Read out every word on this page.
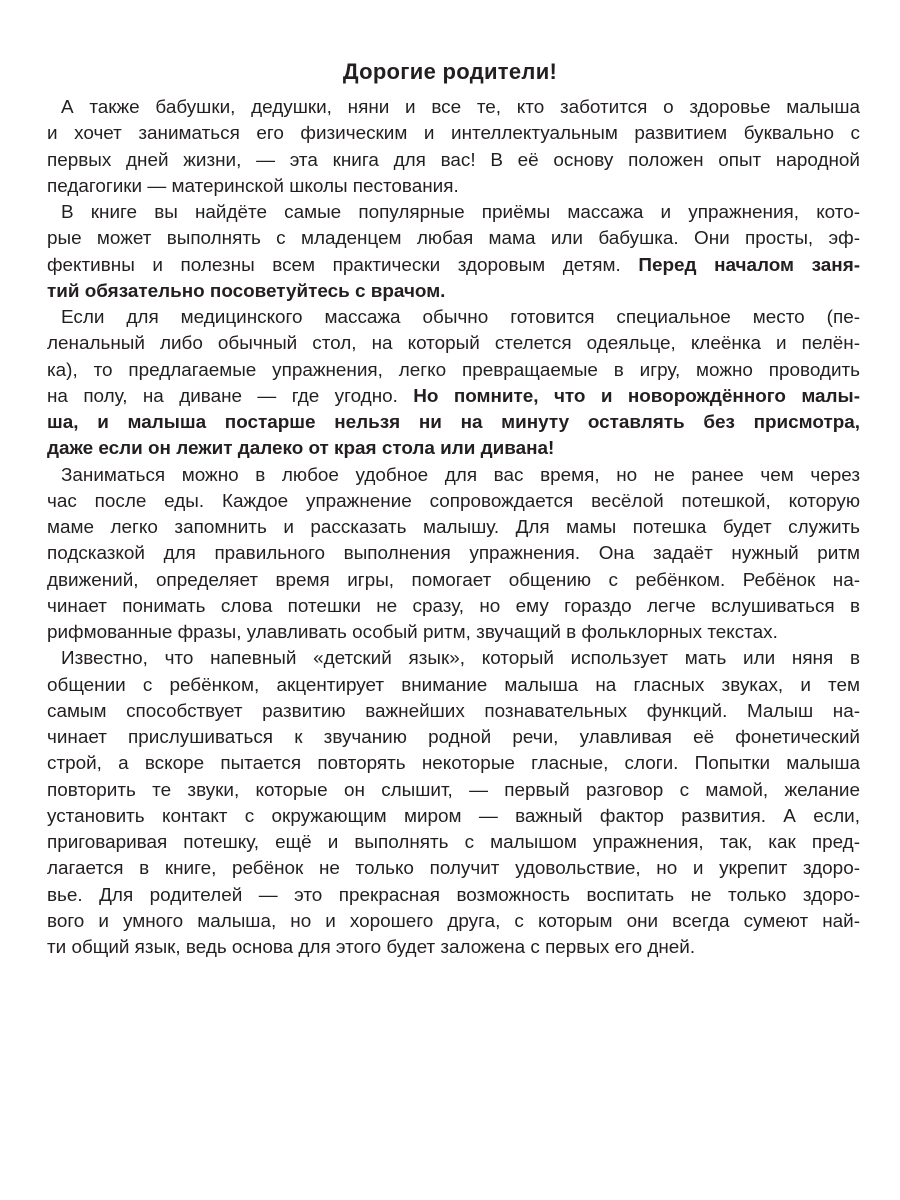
Дорогие родители!
А также бабушки, дедушки, няни и все те, кто заботится о здоровье малыша
и хочет заниматься его физическим и интеллектуальным развитием буквально с
первых дней жизни, — эта книга для вас! В её основу положен опыт народной
педагогики — материнской школы пестования.
В книге вы найдёте самые популярные приёмы массажа и упражнения, кото-
рые может выполнять с младенцем любая мама или бабушка. Они просты, эф-
фективны и полезны всем практически здоровым детям. Перед началом заня-
тий обязательно посоветуйтесь с врачом.
Если для медицинского массажа обычно готовится специальное место (пе-
ленальный либо обычный стол, на который стелется одеяльце, клеёнка и пелён-
ка), то предлагаемые упражнения, легко превращаемые в игру, можно проводить
на полу, на диване — где угодно. Но помните, что и новорождённого малы-
ша, и малыша постарше нельзя ни на минуту оставлять без присмотра,
даже если он лежит далеко от края стола или дивана!
Заниматься можно в любое удобное для вас время, но не ранее чем через
час после еды. Каждое упражнение сопровождается весёлой потешкой, которую
маме легко запомнить и рассказать малышу. Для мамы потешка будет служить
подсказкой для правильного выполнения упражнения. Она задаёт нужный ритм
движений, определяет время игры, помогает общению с ребёнком. Ребёнок на-
чинает понимать слова потешки не сразу, но ему гораздо легче вслушиваться в
рифмованные фразы, улавливать особый ритм, звучащий в фольклорных текстах.
Известно, что напевный «детский язык», который использует мать или няня в
общении с ребёнком, акцентирует внимание малыша на гласных звуках, и тем
самым способствует развитию важнейших познавательных функций. Малыш на-
чинает прислушиваться к звучанию родной речи, улавливая её фонетический
строй, а вскоре пытается повторять некоторые гласные, слоги. Попытки малыша
повторить те звуки, которые он слышит, — первый разговор с мамой, желание
установить контакт с окружающим миром — важный фактор развития. А если,
приговаривая потешку, ещё и выполнять с малышом упражнения, так, как пред-
лагается в книге, ребёнок не только получит удовольствие, но и укрепит здоро-
вье. Для родителей — это прекрасная возможность воспитать не только здоро-
вого и умного малыша, но и хорошего друга, с которым они всегда сумеют най-
ти общий язык, ведь основа для этого будет заложена с первых его дней.
